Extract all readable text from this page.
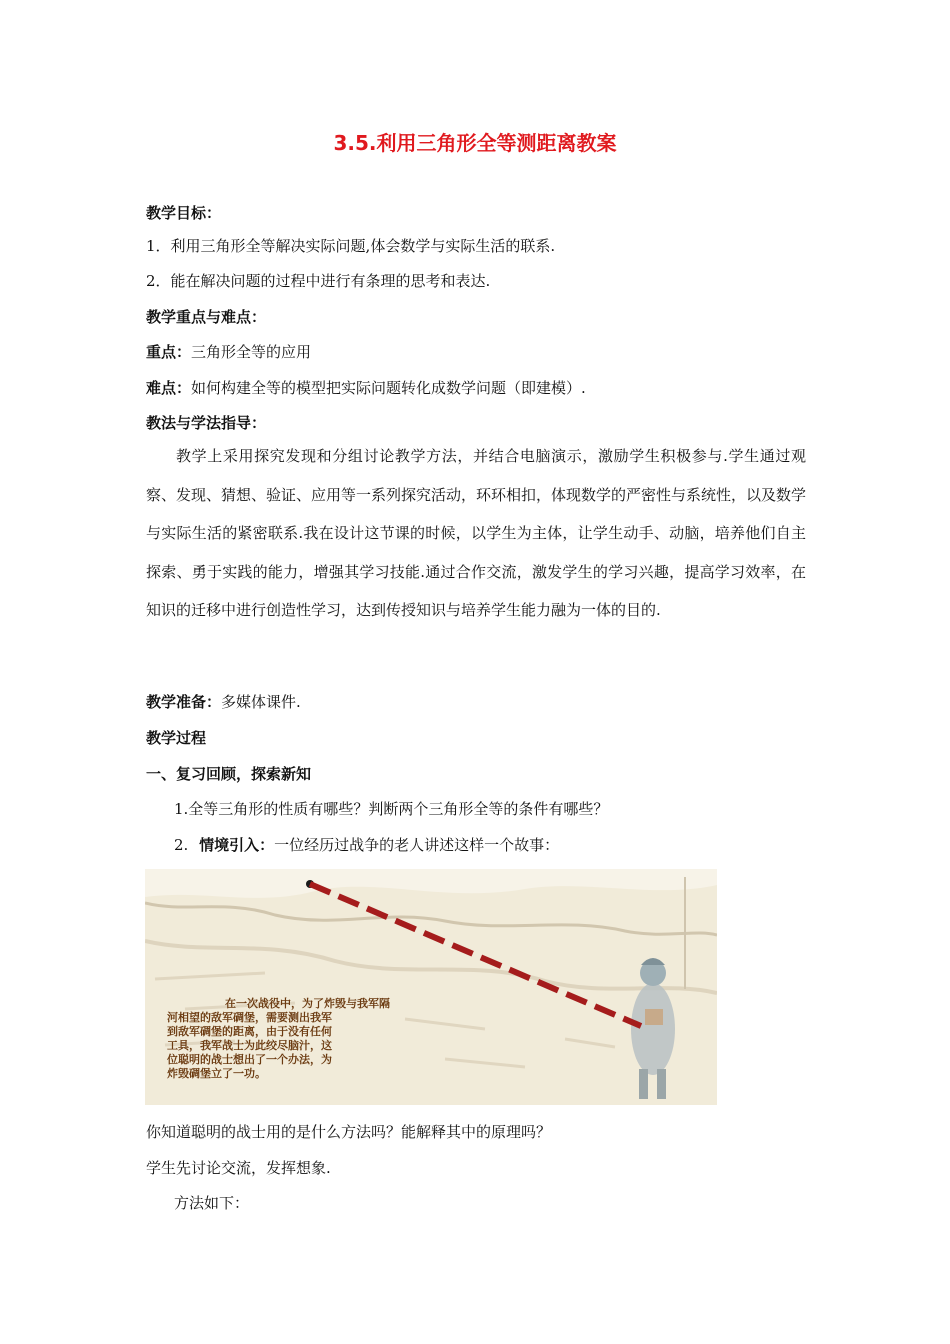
3.5.利用三角形全等测距离教案
教学目标：
1．利用三角形全等解决实际问题,体会数学与实际生活的联系.
2．能在解决问题的过程中进行有条理的思考和表达.
教学重点与难点：
重点：三角形全等的应用
难点：如何构建全等的模型把实际问题转化成数学问题（即建模）.
教法与学法指导：
教学上采用探究发现和分组讨论教学方法，并结合电脑演示，激励学生积极参与.学生通过观察、发现、猜想、验证、应用等一系列探究活动，环环相扣，体现数学的严密性与系统性，以及数学与实际生活的紧密联系.我在设计这节课的时候，以学生为主体，让学生动手、动脑，培养他们自主探索、勇于实践的能力，增强其学习技能.通过合作交流，激发学生的学习兴趣，提高学习效率，在知识的迁移中进行创造性学习，达到传授知识与培养学生能力融为一体的目的.
教学准备：多媒体课件.
教学过程
一、复习回顾，探索新知
1.全等三角形的性质有哪些？判断两个三角形全等的条件有哪些？
2. 情境引入：一位经历过战争的老人讲述这样一个故事：
在一次战役中，为了炸毁与我军隔
河相望的敌军碉堡，需要测出我军
到敌军碉堡的距离，由于没有任何
工具，我军战士为此绞尽脑汁，这
位聪明的战士想出了一个办法，为
炸毁碉堡立了一功。
你知道聪明的战士用的是什么方法吗？能解释其中的原理吗？
学生先讨论交流，发挥想象.
方法如下：
